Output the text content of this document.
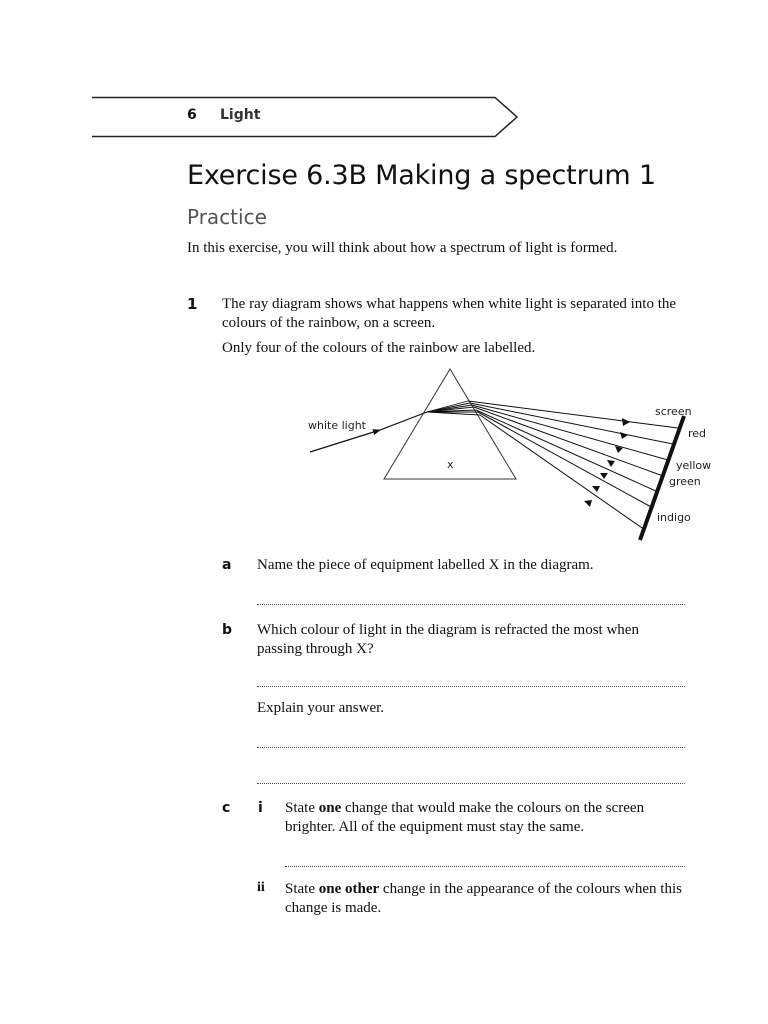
6 Light
Exercise 6.3B Making a spectrum 1
Practice
In this exercise, you will think about how a spectrum of light is formed.
1 The ray diagram shows what happens when white light is separated into the colours of the rainbow, on a screen.
Only four of the colours of the rainbow are labelled.
white light
x
screen
red
yellow
green
indigo
a Name the piece of equipment labelled X in the diagram.
b Which colour of light in the diagram is refracted the most when passing through X?
Explain your answer.
c i State one change that would make the colours on the screen brighter. All of the equipment must stay the same.
ii State one other change in the appearance of the colours when this change is made.
